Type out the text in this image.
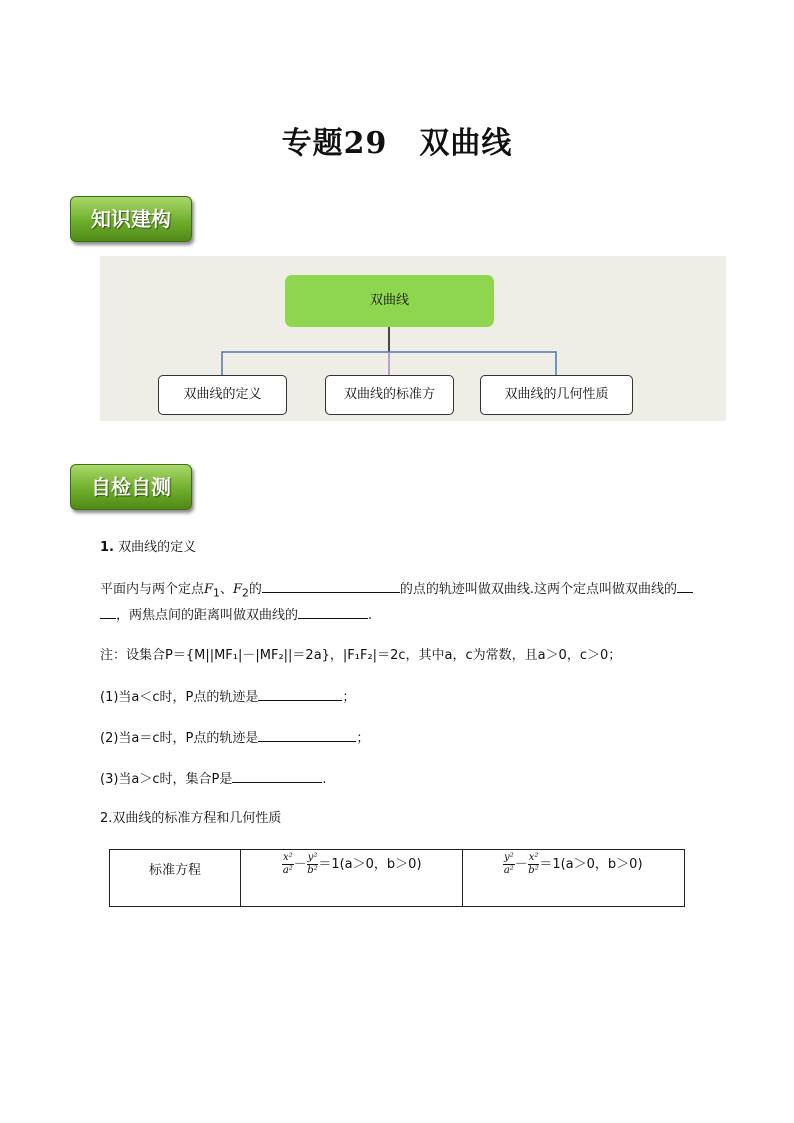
专题29 双曲线
知识建构
双曲线
双曲线的定义	双曲线的标准方	双曲线的几何性质
自检自测
1. 双曲线的定义
平面内与两个定点$F_1$、$F_2$的	的点的轨迹叫做双曲线.这两个定点叫做双曲线的
，两焦点间的距离叫做双曲线的	.
注：设集合P＝{M||MF₁|－|MF₂||＝2a}，|F₁F₂|＝2c，其中a，c为常数，且a＞0，c＞0；
(1)当a＜c时，P点的轨迹是	；
(2)当a＝c时，P点的轨迹是	；
(3)当a＞c时，集合P是	.
2.双曲线的标准方程和几何性质
标准方程	$\frac{\text{x²}}{\text{a²}} - \frac{\text{y²}}{\text{b²}} =1(a>0$，b＞0)	$\frac{\text{y²}}{\text{a²}} - \frac{\text{x²}}{\text{b²}} =1(a>0$，b＞0)
